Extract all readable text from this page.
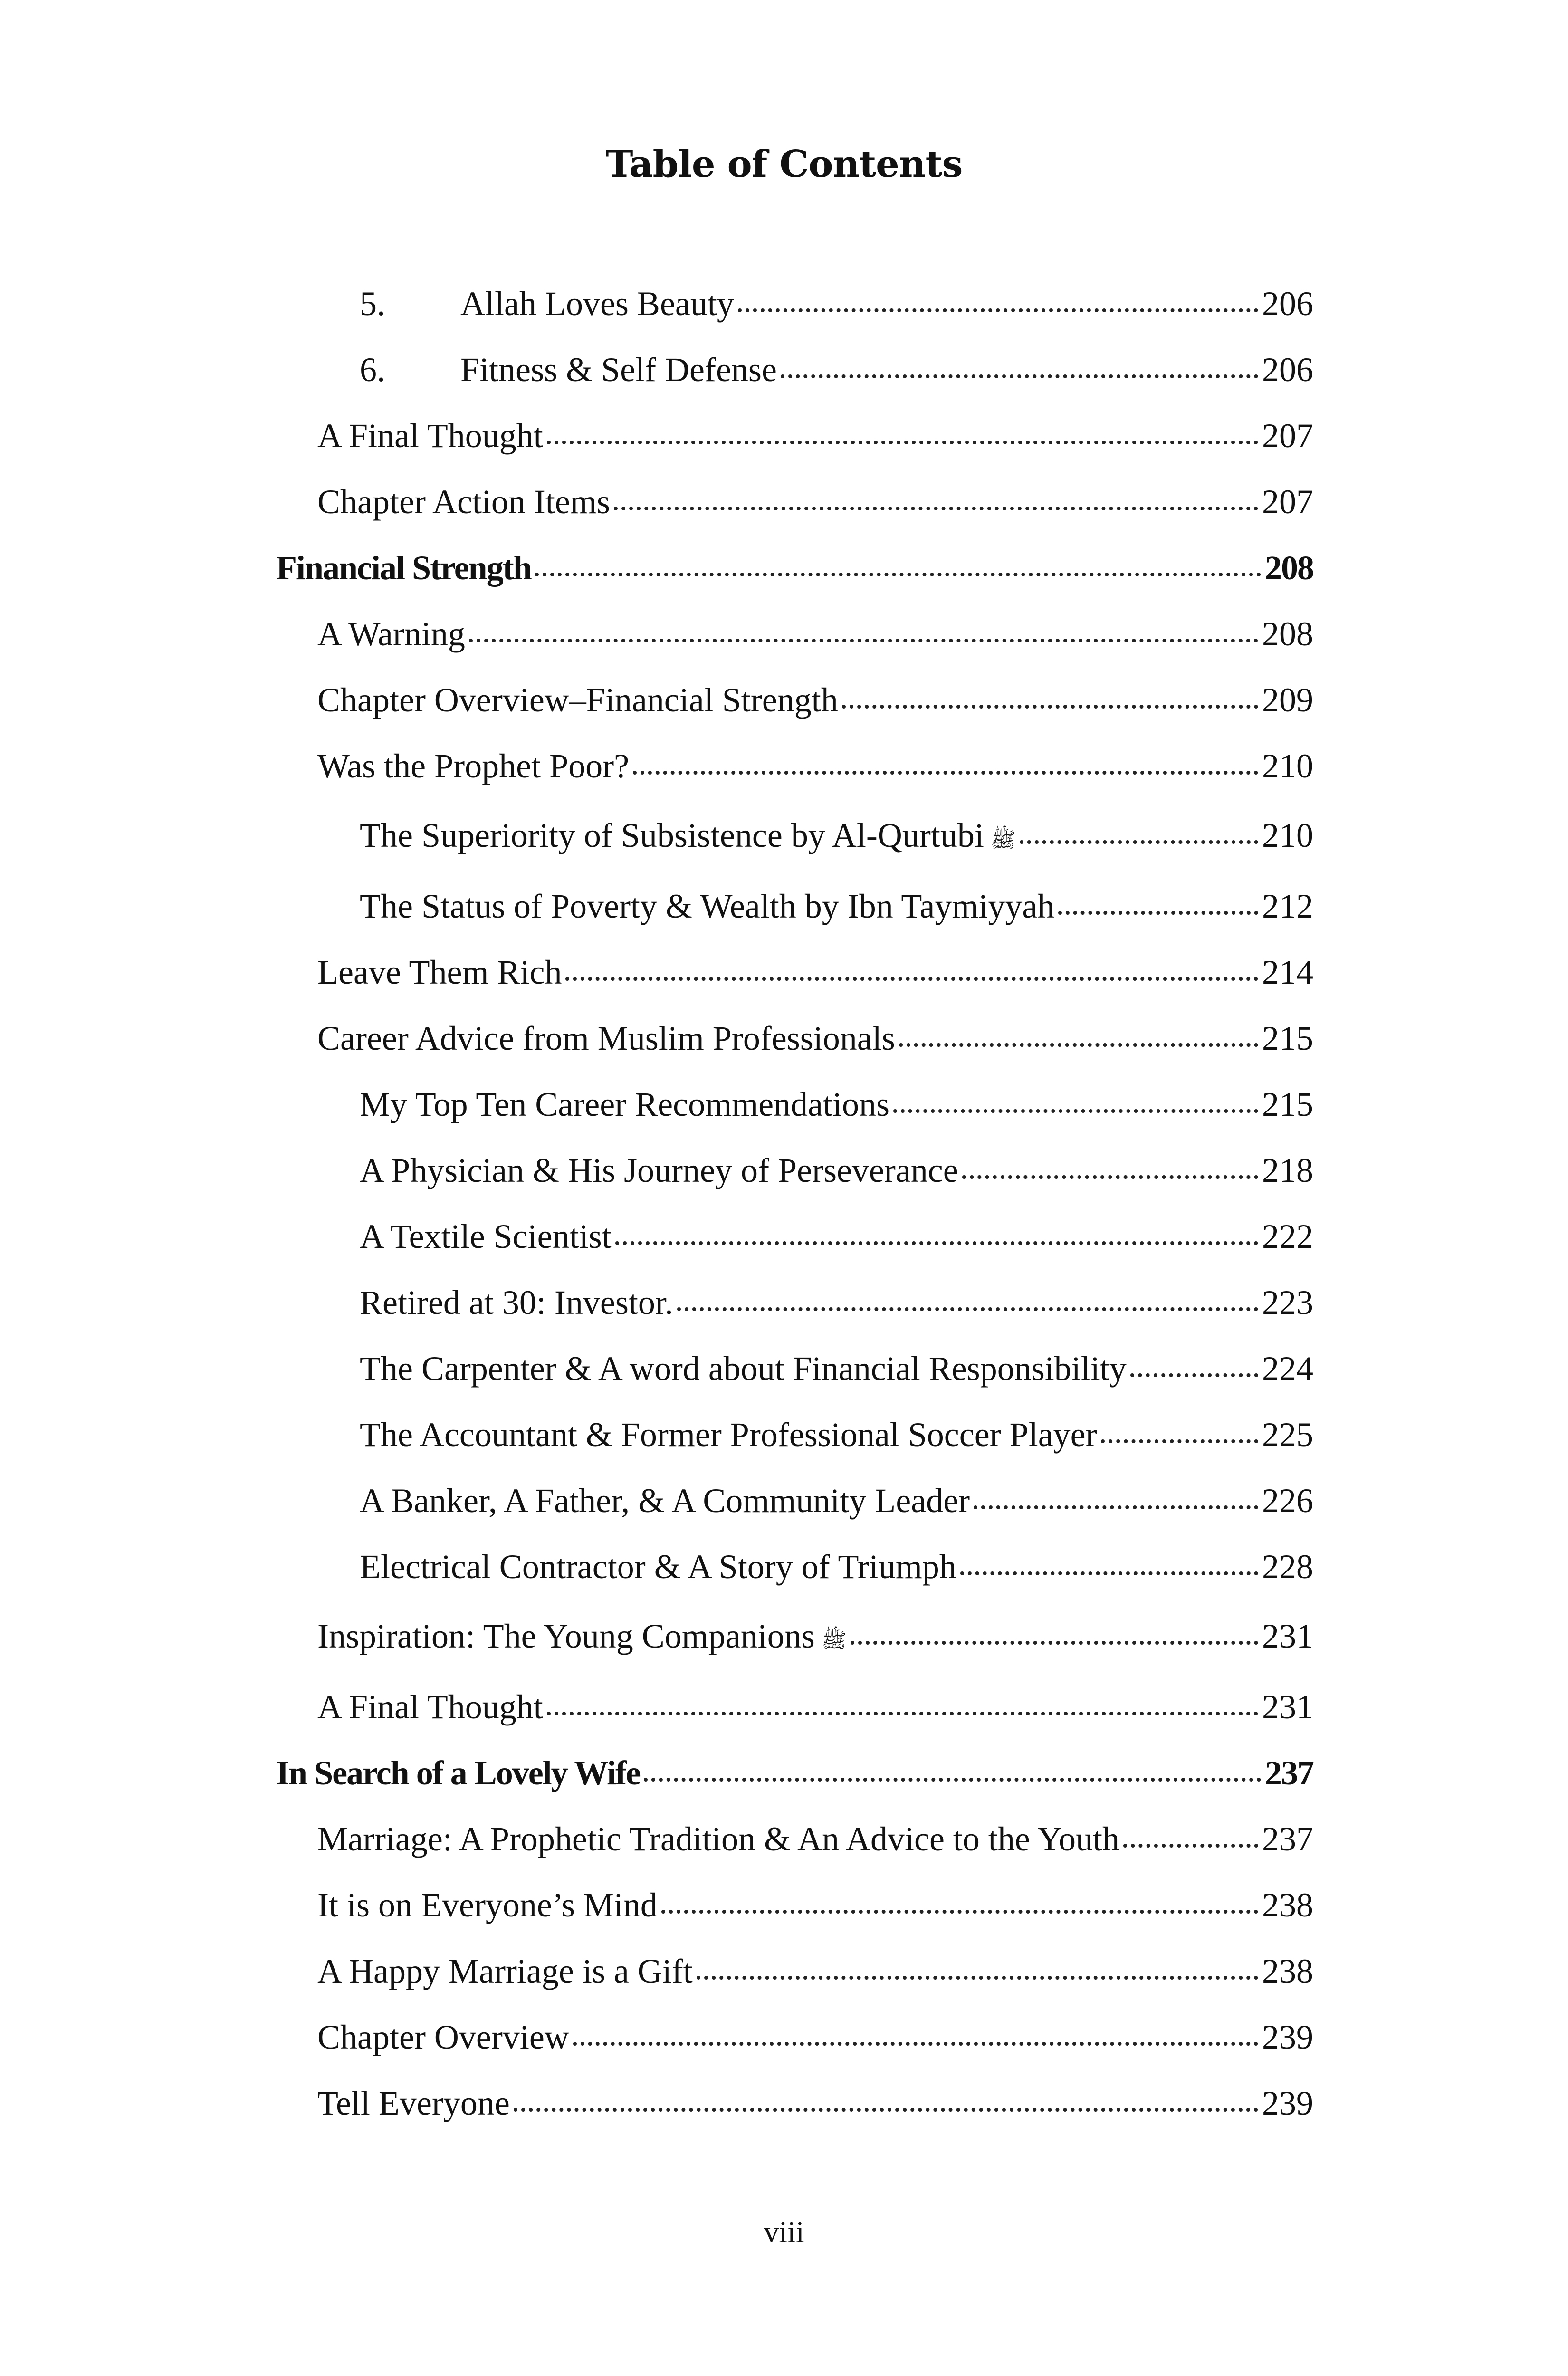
Table of Contents
5.	Allah Loves Beauty	206
6.	Fitness & Self Defense	206
A Final Thought	207
Chapter Action Items	207
Financial Strength	208
A Warning	208
Chapter Overview–Financial Strength	209
Was the Prophet Poor?	210
The Superiority of Subsistence by Al-Qurtubi ﷺ	210
The Status of Poverty & Wealth by Ibn Taymiyyah	212
Leave Them Rich	214
Career Advice from Muslim Professionals	215
My Top Ten Career Recommendations	215
A Physician & His Journey of Perseverance	218
A Textile Scientist	222
Retired at 30: Investor.	223
The Carpenter & A word about Financial Responsibility	224
The Accountant & Former Professional Soccer Player	225
A Banker, A Father, & A Community Leader	226
Electrical Contractor & A Story of Triumph	228
Inspiration: The Young Companions ﷺ	231
A Final Thought	231
In Search of a Lovely Wife	237
Marriage: A Prophetic Tradition & An Advice to the Youth	237
It is on Everyone’s Mind	238
A Happy Marriage is a Gift	238
Chapter Overview	239
Tell Everyone	239
viii
